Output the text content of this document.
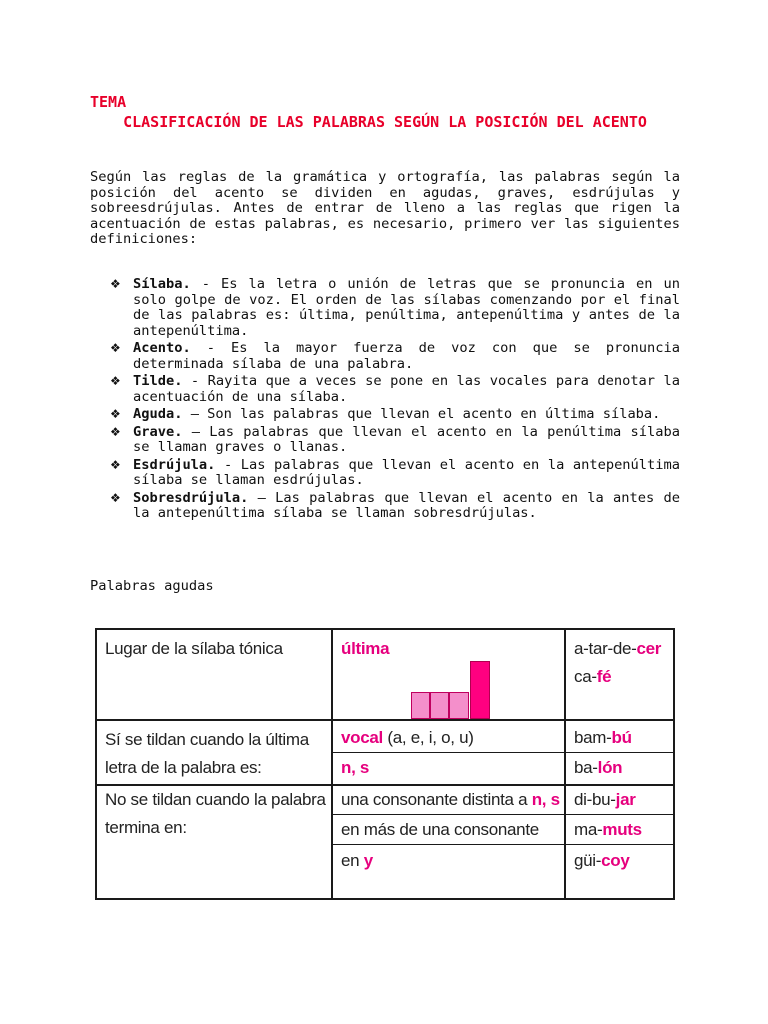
TEMA
CLASIFICACIÓN DE LAS PALABRAS SEGÚN LA POSICIÓN DEL ACENTO
Según las reglas de la gramática y ortografía, las palabras según la posición del acento se dividen en agudas, graves, esdrújulas y sobreesdrújulas. Antes de entrar de lleno a las reglas que rigen la acentuación de estas palabras, es necesario, primero ver las siguientes definiciones:
❖ Sílaba. - Es la letra o unión de letras que se pronuncia en un solo golpe de voz. El orden de las sílabas comenzando por el final de las palabras es: última, penúltima, antepenúltima y antes de la antepenúltima.
❖ Acento. - Es la mayor fuerza de voz con que se pronuncia determinada sílaba de una palabra.
❖ Tilde. - Rayita que a veces se pone en las vocales para denotar la acentuación de una sílaba.
❖ Aguda. – Son las palabras que llevan el acento en última sílaba.
❖ Grave. – Las palabras que llevan el acento en la penúltima sílaba se llaman graves o llanas.
❖ Esdrújula. - Las palabras que llevan el acento en la antepenúltima sílaba se llaman esdrújulas.
❖ Sobresdrújula. – Las palabras que llevan el acento en la antes de la antepenúltima sílaba se llaman sobresdrújulas.
Palabras agudas
Lugar de la sílaba tónica	última	a-tar-de-cer
ca-fé
Sí se tildan cuando la última
letra de la palabra es:
vocal (a, e, i, o, u)
n, s
bam-bú
ba-lón
No se tildan cuando la palabra
termina en:
una consonante distinta a n, s
en más de una consonante
en y
di-bu-jar
ma-muts
güi-coy
